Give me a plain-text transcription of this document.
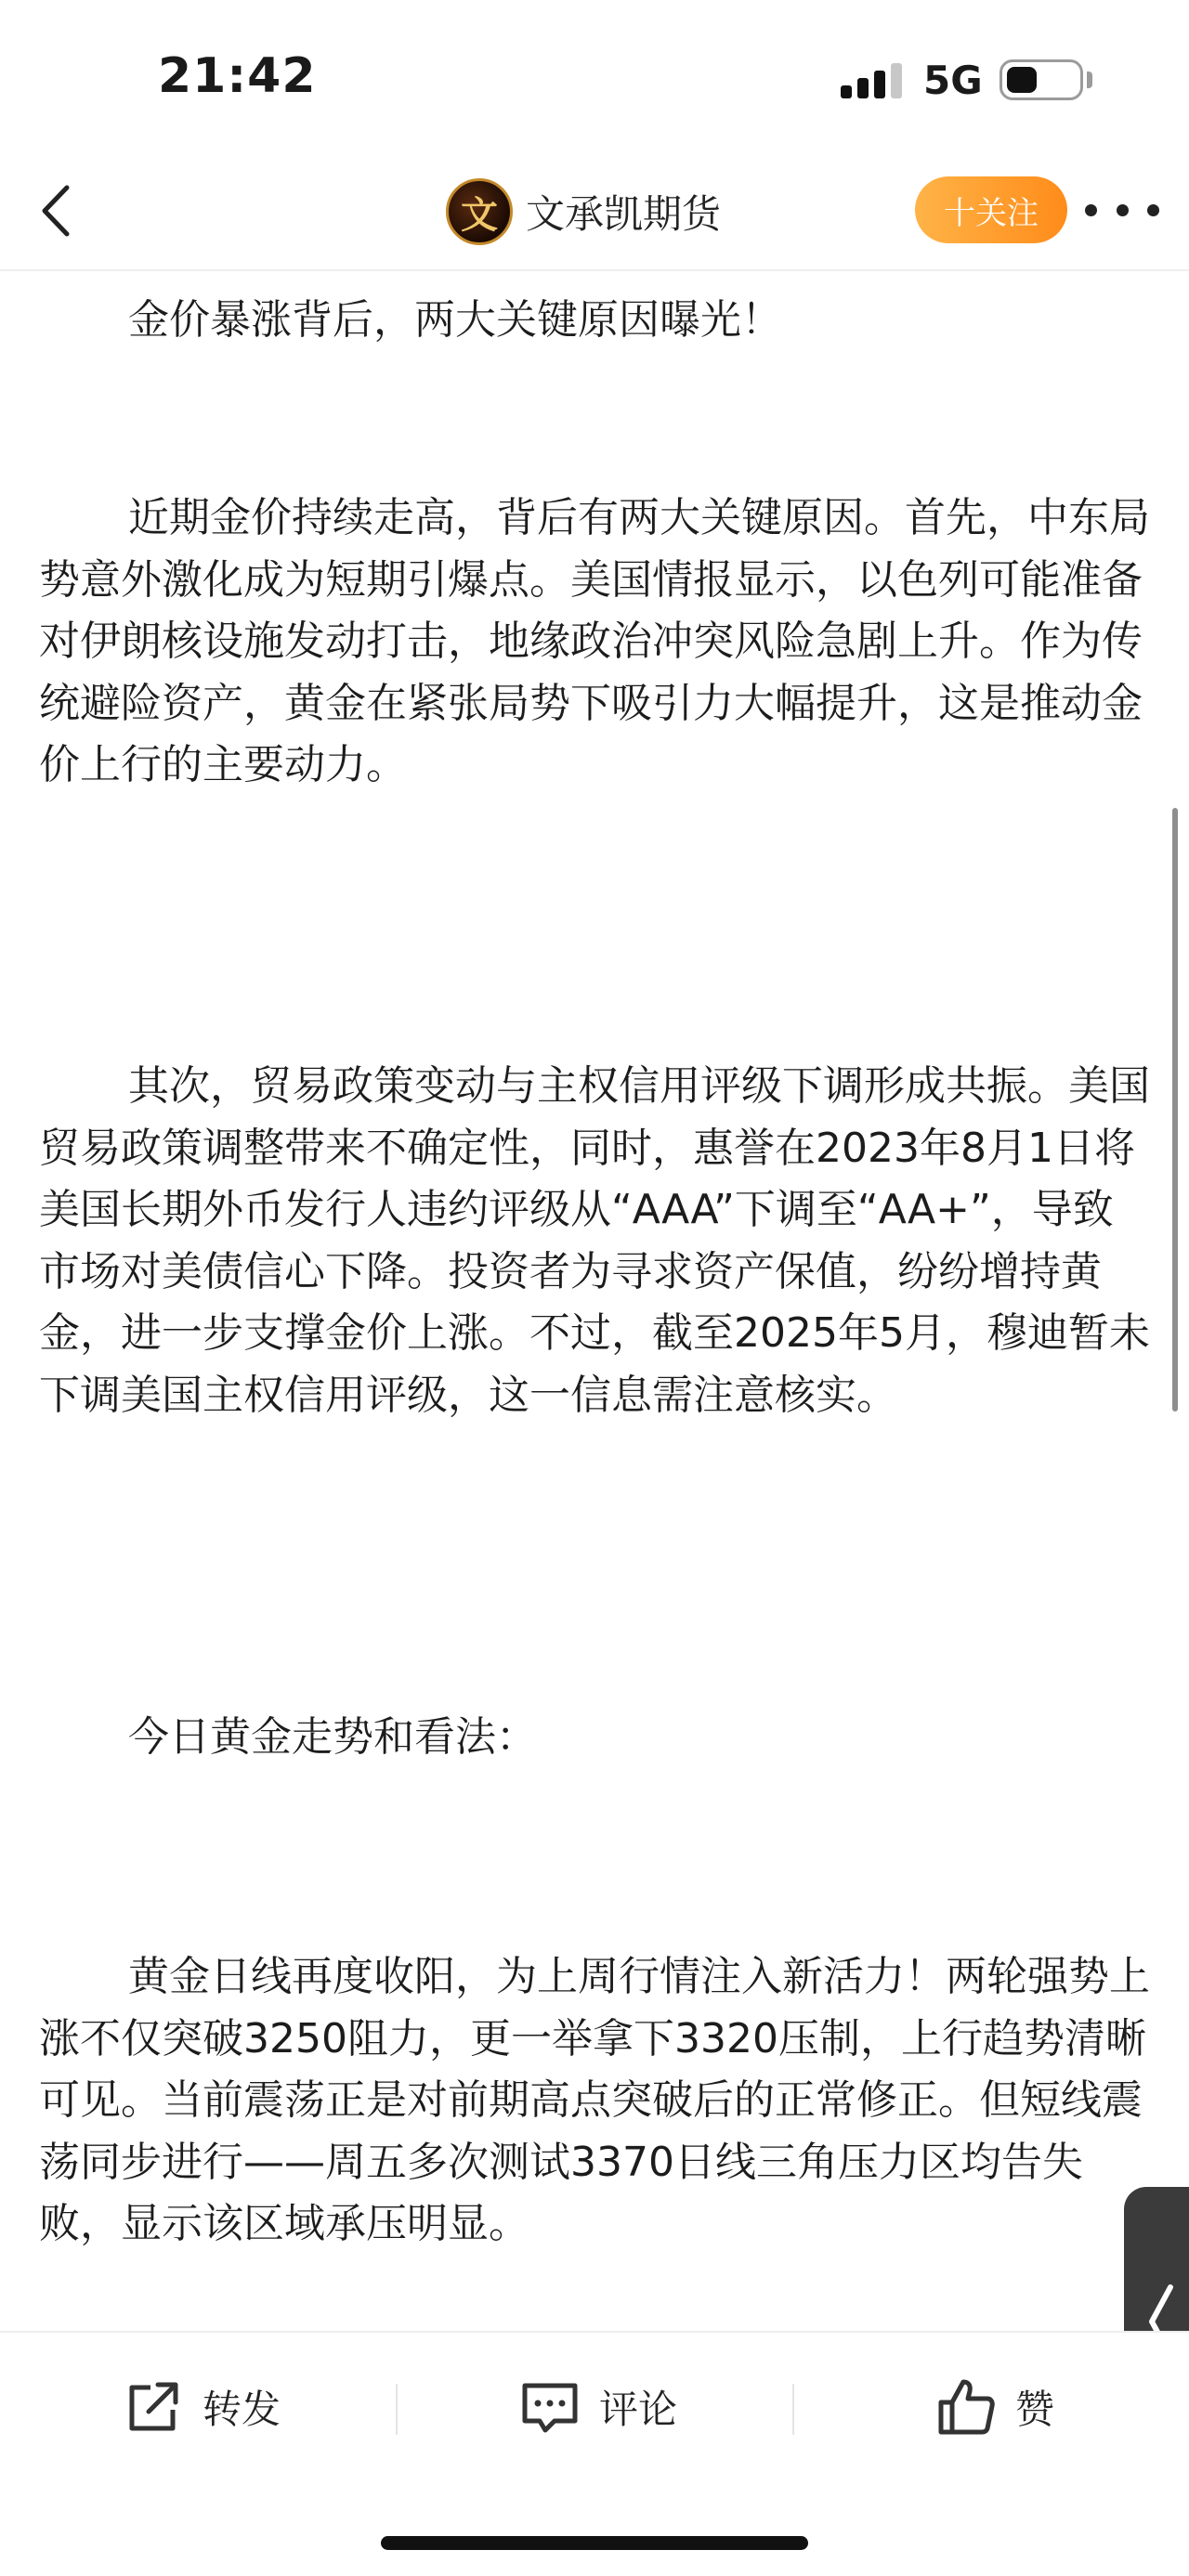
21:42	5G
文 文承凯期货	十关注

金价暴涨背后，两大关键原因曝光！

近期金价持续走高，背后有两大关键原因。首先，中东局势意外激化成为短期引爆点。美国情报显示，以色列可能准备对伊朗核设施发动打击，地缘政治冲突风险急剧上升。作为传统避险资产，黄金在紧张局势下吸引力大幅提升，这是推动金价上行的主要动力。

其次，贸易政策变动与主权信用评级下调形成共振。美国贸易政策调整带来不确定性，同时，惠誉在2023年8月1日将美国长期外币发行人违约评级从“AAA”下调至“AA+”，导致市场对美债信心下降。投资者为寻求资产保值，纷纷增持黄金，进一步支撑金价上涨。不过，截至2025年5月，穆迪暂未下调美国主权信用评级，这一信息需注意核实。

今日黄金走势和看法：

黄金日线再度收阳，为上周行情注入新活力！两轮强势上涨不仅突破3250阻力，更一举拿下3320压制，上行趋势清晰可见。当前震荡正是对前期高点突破后的正常修正。但短线震荡同步进行——周五多次测试3370日线三角压力区均告失败，显示该区域承压明显。

转发	评论	赞
